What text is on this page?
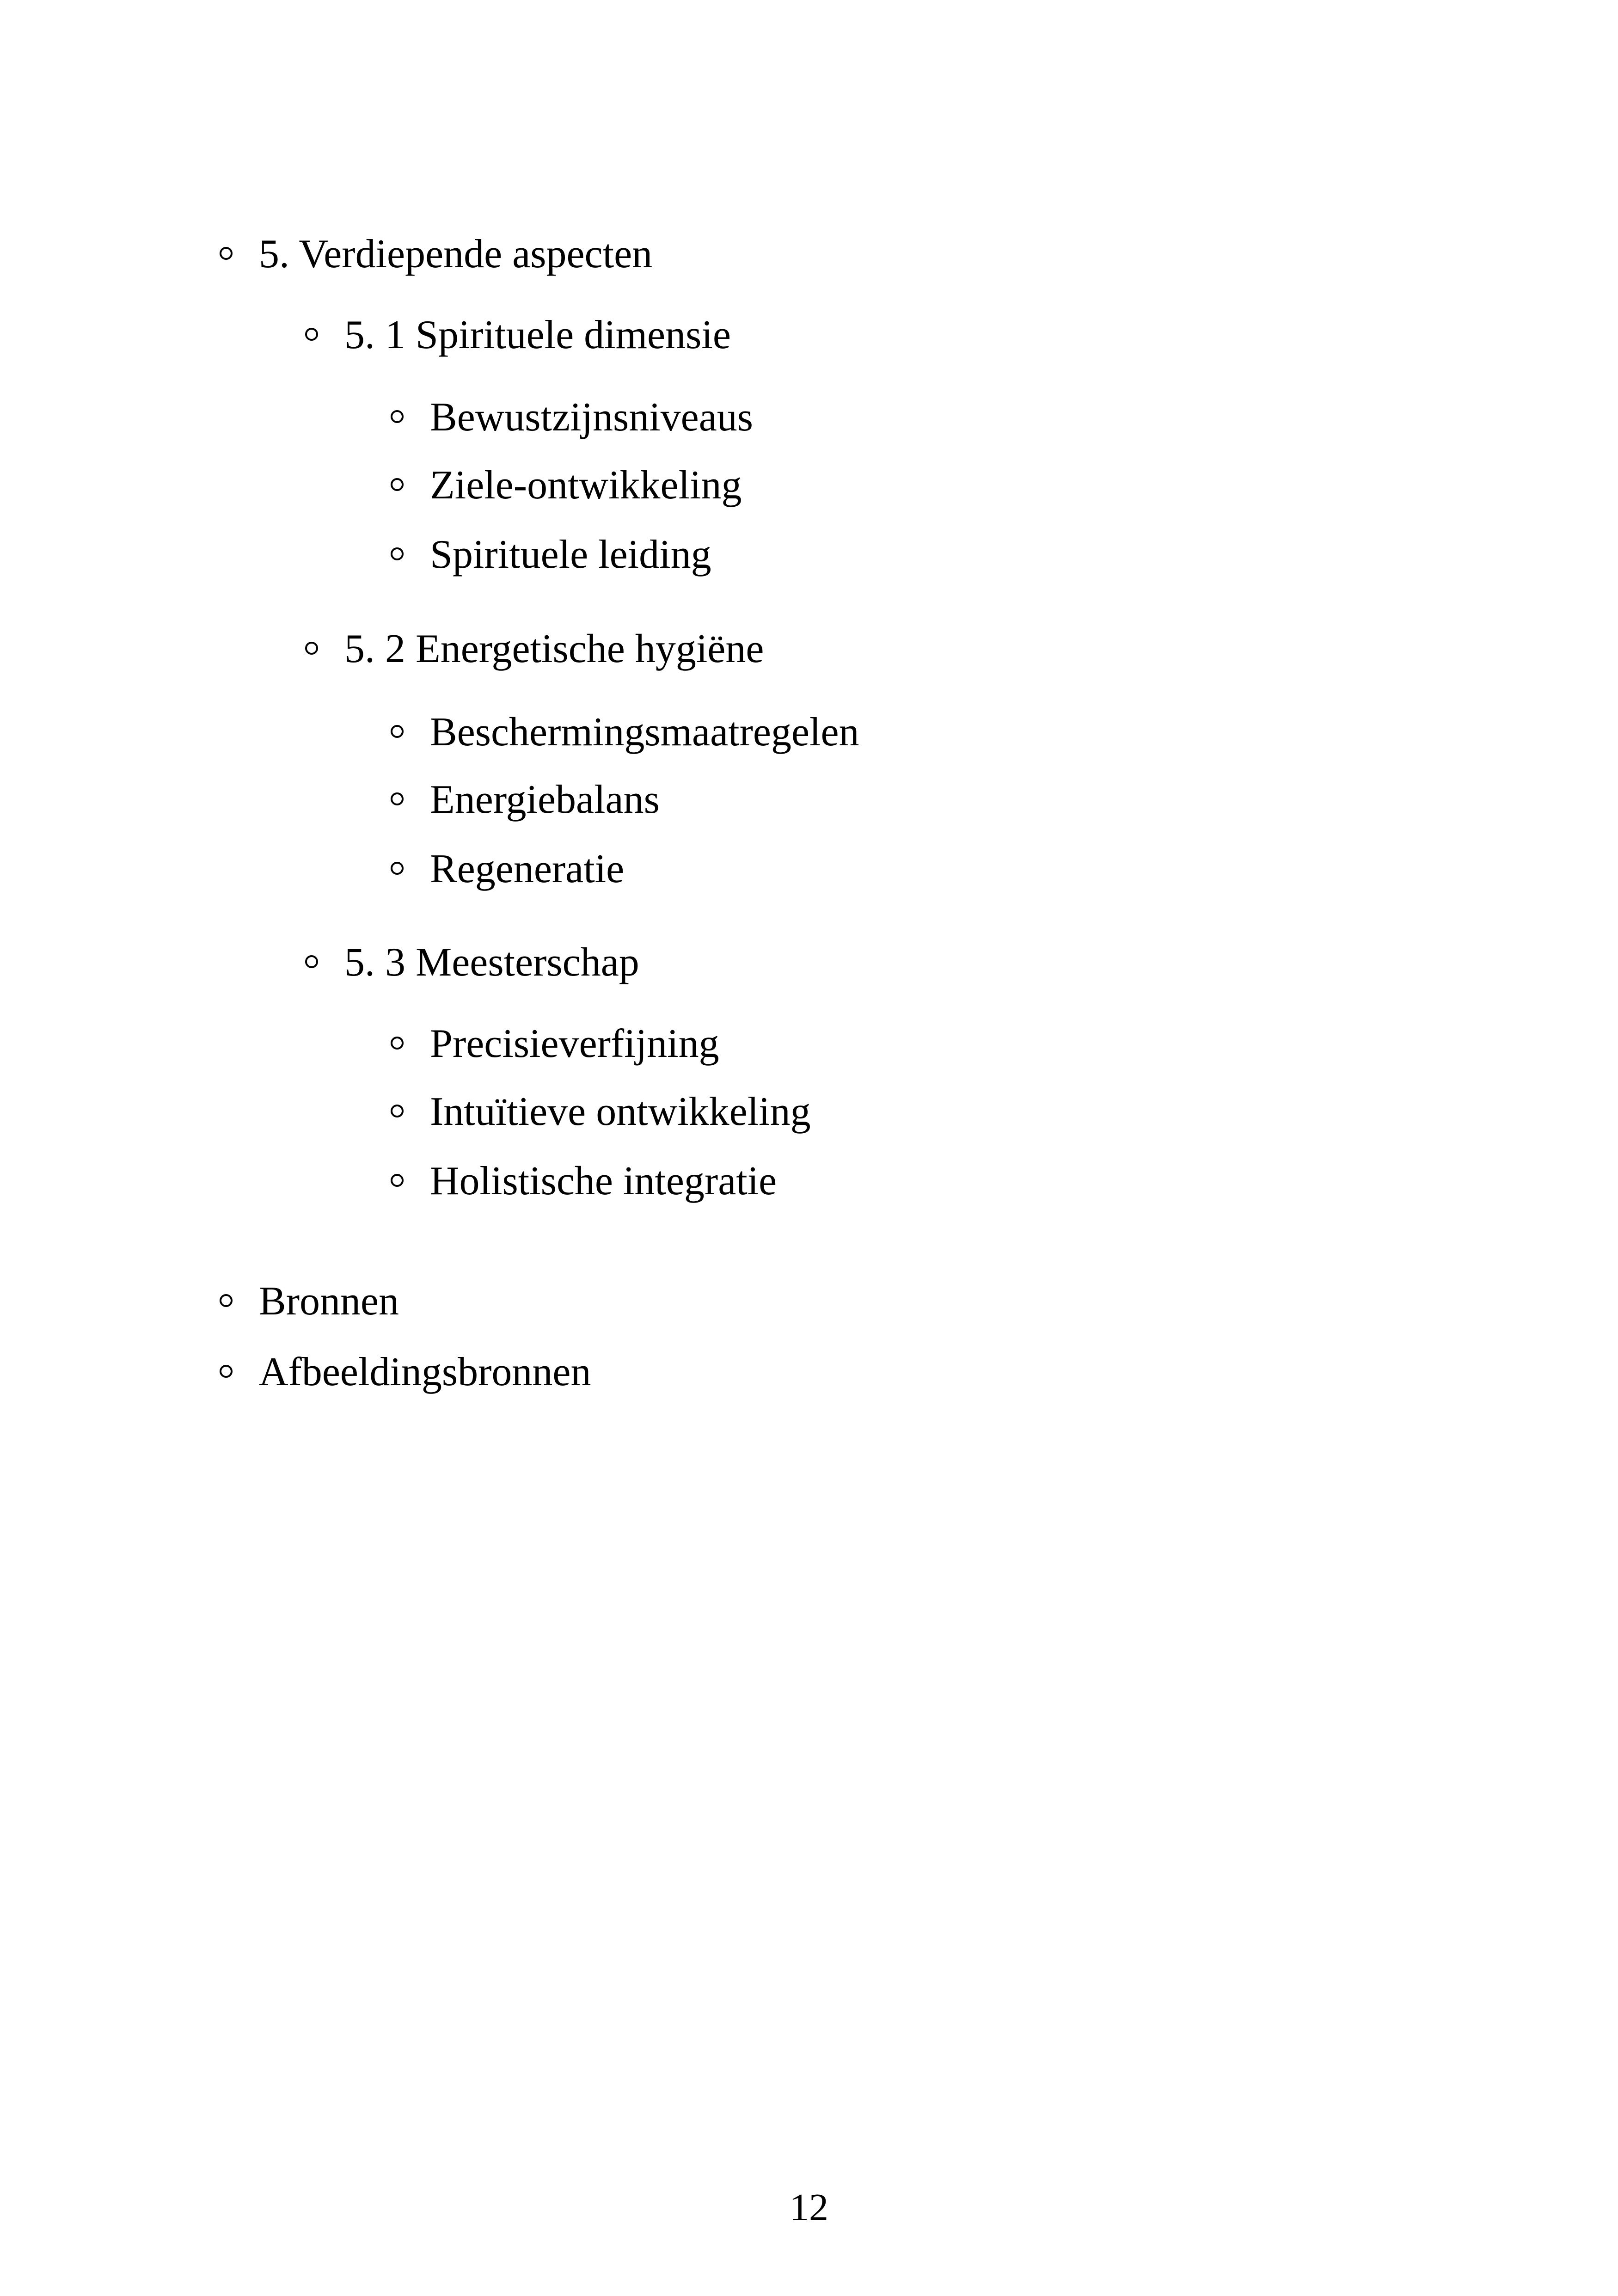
5. Verdiepende aspecten
5. 1 Spirituele dimensie
Bewustzijnsniveaus
Ziele-ontwikkeling
Spirituele leiding
5. 2 Energetische hygiëne
Beschermingsmaatregelen
Energiebalans
Regeneratie
5. 3 Meesterschap
Precisieverfijning
Intuïtieve ontwikkeling
Holistische integratie
Bronnen
Afbeeldingsbronnen
12
